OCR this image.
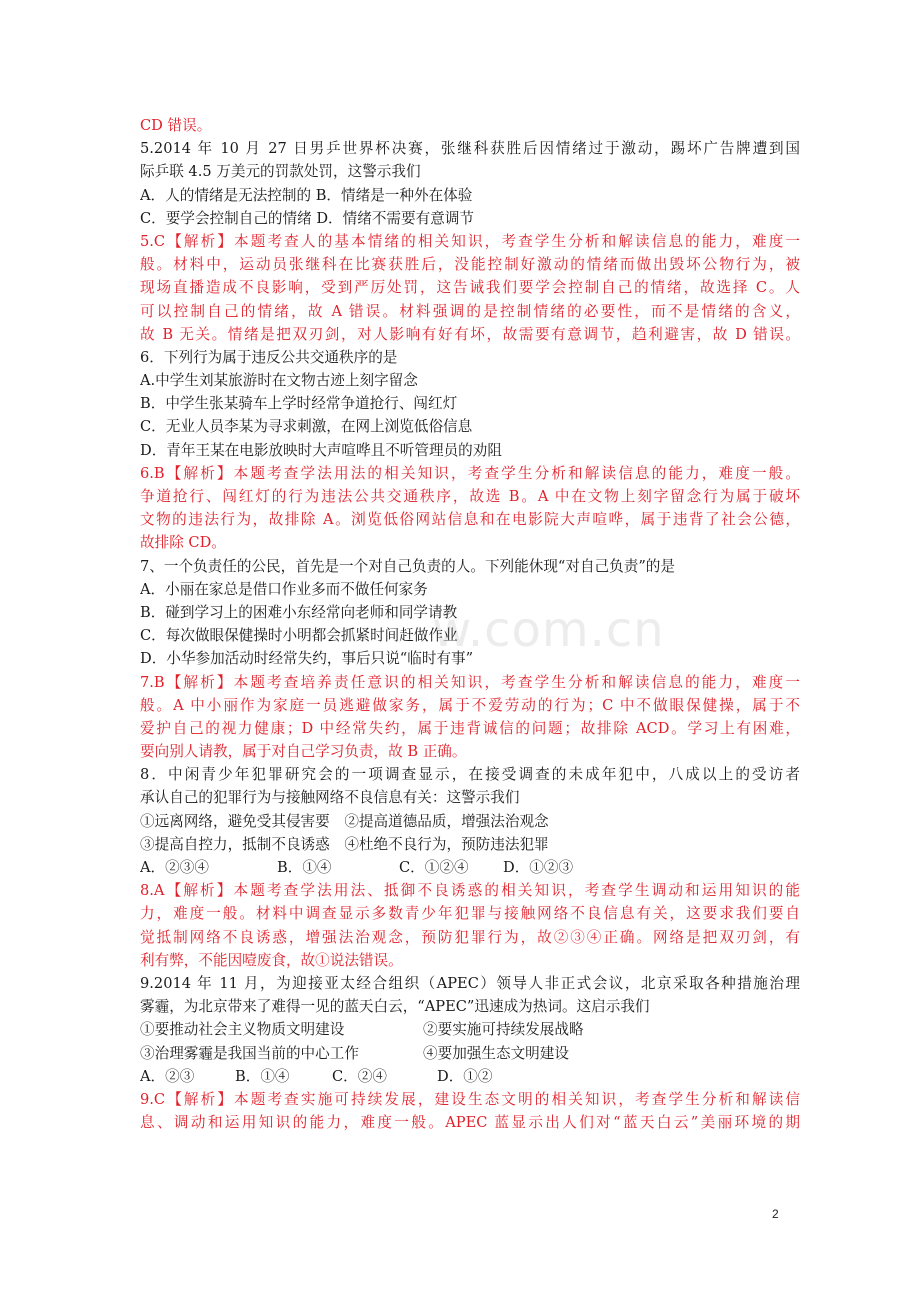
w.com.cn
CD 错误。
5.2014 年 10 月 27 日男乒世界杯决赛，张继科获胜后因情绪过于激动，踢坏广告牌遭到国
际乒联 4.5 万美元的罚款处罚，这警示我们
A．人的情绪是无法控制的 B．情绪是一种外在体验
C．要学会控制自己的情绪 D．情绪不需要有意调节
5.C【解析】本题考查人的基本情绪的相关知识，考查学生分析和解读信息的能力，难度一
般。材料中，运动员张继科在比赛获胜后，没能控制好激动的情绪而做出毁坏公物行为，被
现场直播造成不良影响，受到严厉处罚，这告诫我们要学会控制自己的情绪，故选择 C。人
可以控制自己的情绪，故 A 错误。材料强调的是控制情绪的必要性，而不是情绪的含义，
故 B 无关。情绪是把双刃剑，对人影响有好有坏，故需要有意调节，趋利避害，故 D 错误。
6．下列行为属于违反公共交通秩序的是
A.中学生刘某旅游时在文物古迹上刻字留念
B．中学生张某骑车上学时经常争道抢行、闯红灯
C．无业人员李某为寻求刺激，在网上浏览低俗信息
D．青年王某在电影放映时大声喧哗且不听管理员的劝阻
6.B【解析】本题考查学法用法的相关知识，考查学生分析和解读信息的能力，难度一般。
争道抢行、闯红灯的行为违法公共交通秩序，故选 B。A 中在文物上刻字留念行为属于破坏
文物的违法行为，故排除 A。浏览低俗网站信息和在电影院大声喧哗，属于违背了社会公德，
故排除 CD。
7、一个负责任的公民，首先是一个对自己负责的人。下列能休现“对自己负责”的是
A．小丽在家总是借口作业多而不做任何家务
B．碰到学习上的困难小东经常向老师和同学请教
C．每次做眼保健操时小明都会抓紧时间赶做作业
D．小华参加活动时经常失约，事后只说“临时有事”
7.B【解析】本题考查培养责任意识的相关知识，考查学生分析和解读信息的能力，难度一
般。A 中小丽作为家庭一员逃避做家务，属于不爱劳动的行为；C 中不做眼保健操，属于不
爱护自己的视力健康；D 中经常失约，属于违背诚信的问题；故排除 ACD。学习上有困难，
要向别人请教，属于对自己学习负责，故 B 正确。
8．中闲青少年犯罪研究会的一项调查显示，在接受调查的未成年犯中，八成以上的受访者
承认自己的犯罪行为与接触网络不良信息有关：这警示我们
①远离网络，避免受其侵害要　②提高道德品质，增强法治观念
③提高自控力，抵制不良诱惑　④杜绝不良行为，预防违法犯罪
A．②③④	B．①④	C．①②④	D．①②③
8.A【解析】本题考查学法用法、抵御不良诱惑的相关知识，考查学生调动和运用知识的能
力，难度一般。材料中调查显示多数青少年犯罪与接触网络不良信息有关，这要求我们要自
觉抵制网络不良诱惑，增强法治观念，预防犯罪行为，故②③④正确。网络是把双刃剑，有
利有弊，不能因噎废食，故①说法错误。
9.2014 年 11 月，为迎接亚太经合组织（APEC）领导人非正式会议，北京采取各种措施治理
雾霾，为北京带来了难得一见的蓝天白云，“APEC”迅速成为热词。这启示我们
①要推动社会主义物质文明建设	②要实施可持续发展战略
③治理雾霾是我国当前的中心工作	④要加强生态文明建设
A．②③	B．①④	C．②④	D．①②
9.C【解析】本题考查实施可持续发展，建设生态文明的相关知识，考查学生分析和解读信
息、调动和运用知识的能力，难度一般。APEC 蓝显示出人们对“蓝天白云”美丽环境的期
2
